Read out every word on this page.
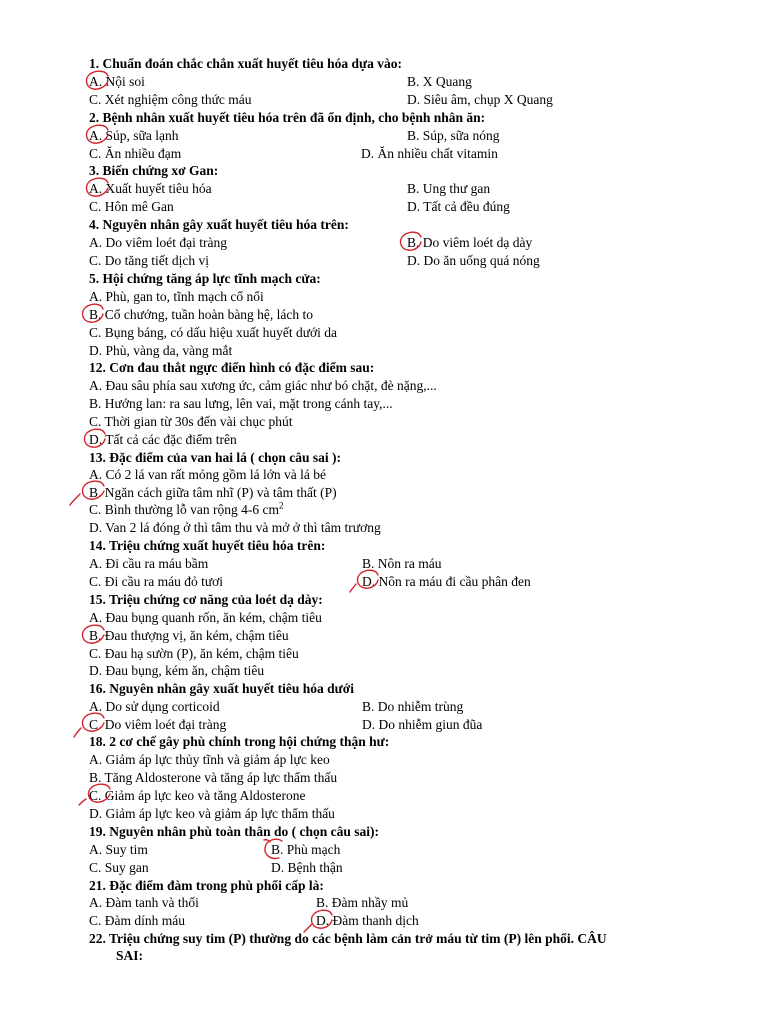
1. Chuẩn đoán chắc chắn xuất huyết tiêu hóa dựa vào:
A. Nội soi	B. X Quang
C. Xét nghiệm công thức máu	D. Siêu âm, chụp X Quang
2. Bệnh nhân xuất huyết tiêu hóa trên đã ổn định, cho bệnh nhân ăn:
A. Súp, sữa lạnh	B. Súp, sữa nóng
C. Ăn nhiều đạm	D. Ăn nhiều chất vitamin
3. Biến chứng xơ Gan:
A. Xuất huyết tiêu hóa	B. Ung thư gan
C. Hôn mê Gan	D. Tất cả đều đúng
4. Nguyên nhân gây xuất huyết tiêu hóa trên:
A. Do viêm loét đại tràng	B. Do viêm loét dạ dày
C. Do tăng tiết dịch vị	D. Do ăn uống quá nóng
5. Hội chứng tăng áp lực tĩnh mạch cửa:
A. Phù, gan to, tĩnh mạch cổ nổi
B. Cổ chướng, tuần hoàn bàng hệ, lách to
C. Bụng báng, có dấu hiệu xuất huyết dưới da
D. Phù, vàng da, vàng mắt
12. Cơn đau thắt ngực điển hình có đặc điểm sau:
A. Đau sâu phía sau xương ức, cảm giác như bó chặt, đè nặng,...
B. Hướng lan: ra sau lưng, lên vai, mặt trong cánh tay,...
C. Thời gian từ 30s đến vài chục phút
D. Tất cả các đặc điểm trên
13. Đặc điểm của van hai lá ( chọn câu sai ):
A. Có 2 lá van rất mỏng gồm lá lớn và lá bé
B. Ngăn cách giữa tâm nhĩ (P) và tâm thất (P)
C. Bình thường lỗ van rộng 4-6 $cm^2$
D. Van 2 lá đóng ở thì tâm thu và mở ở thì tâm trương
14. Triệu chứng xuất huyết tiêu hóa trên:
A. Đi cầu ra máu bầm	B. Nôn ra máu
C. Đi cầu ra máu đỏ tươi	D. Nôn ra máu đi cầu phân đen
15. Triệu chứng cơ năng của loét dạ dày:
A. Đau bụng quanh rốn, ăn kém, chậm tiêu
B. Đau thượng vị, ăn kém, chậm tiêu
C. Đau hạ sườn (P), ăn kém, chậm tiêu
D. Đau bụng, kém ăn, chậm tiêu
16. Nguyên nhân gây xuất huyết tiêu hóa dưới
A. Do sử dụng corticoid	B. Do nhiễm trùng
C. Do viêm loét đại tràng	D. Do nhiễm giun đũa
18. 2 cơ chế gây phù chính trong hội chứng thận hư:
A. Giảm áp lực thủy tĩnh và giảm áp lực keo
B. Tăng Aldosterone và tăng áp lực thẩm thấu
C. Giảm áp lực keo và tăng Aldosterone
D. Giảm áp lực keo và giảm áp lực thẩm thấu
19. Nguyên nhân phù toàn thân do ( chọn câu sai):
A. Suy tim	B. Phù mạch
C. Suy gan	D. Bệnh thận
21. Đặc điểm đàm trong phù phổi cấp là:
A. Đàm tanh và thối	B. Đàm nhầy mủ
C. Đàm dính máu	D. Đàm thanh dịch
22. Triệu chứng suy tim (P) thường do các bệnh làm cản trở máu từ tim (P) lên phổi. CÂU
SAI:
